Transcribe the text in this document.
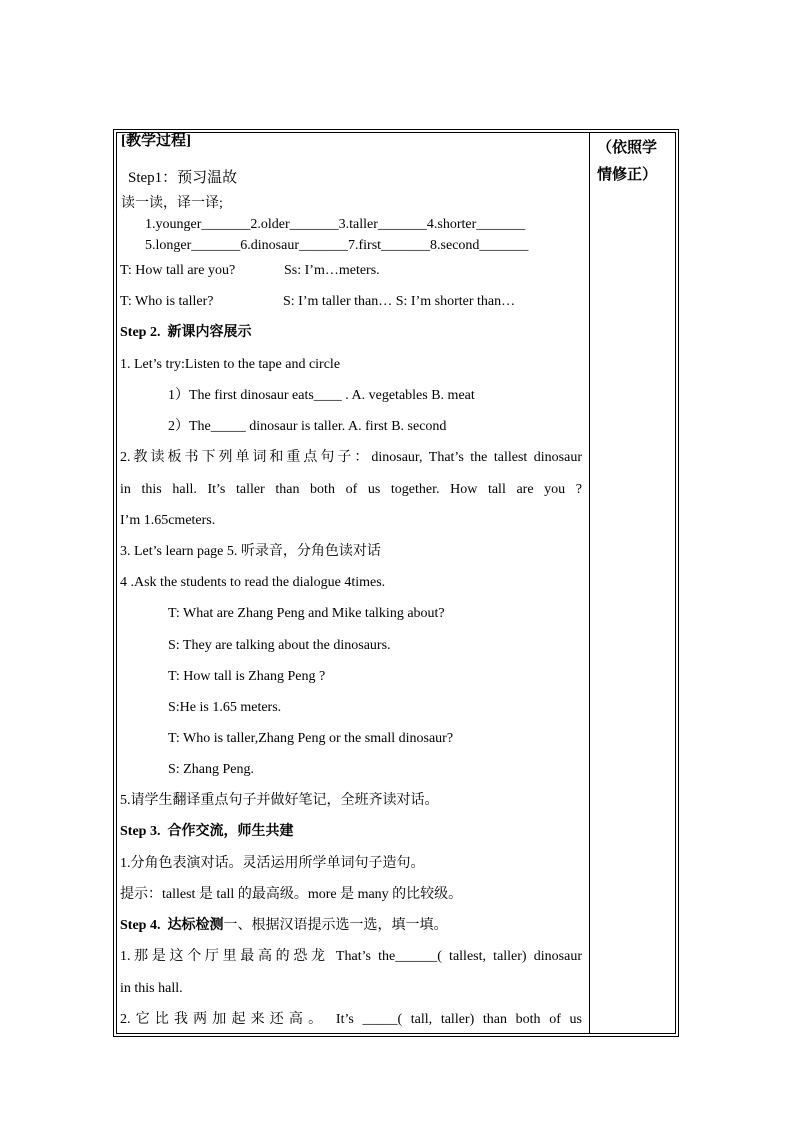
（依照学
情修正）
[教学过程]
Step1：预习温故
读一读，译一译;
1.younger_______2.older_______3.taller_______4.shorter_______
5.longer_______6.dinosaur_______7.first_______8.second_______
T: How tall are you?	Ss: I’m…meters.
T: Who is taller?	S: I’m taller than… S: I’m shorter than…
Step 2. 新课内容展示
1. Let’s try:Listen to the tape and circle
1）The first dinosaur eats____ . A. vegetables B. meat
2）The_____ dinosaur is taller. A. first B. second
2.教读板书下列单词和重点句子：dinosaur, That’s the tallest dinosaur
in this hall. It’s taller than both of us together. How tall are you ?
I’m 1.65cmeters.
3. Let’s learn page 5. 听录音，分角色读对话
4 .Ask the students to read the dialogue 4times.
T: What are Zhang Peng and Mike talking about?
S: They are talking about the dinosaurs.
T: How tall is Zhang Peng ?
S:He is 1.65 meters.
T: Who is taller,Zhang Peng or the small dinosaur?
S: Zhang Peng.
5.请学生翻译重点句子并做好笔记，全班齐读对话。
Step 3. 合作交流，师生共建
1.分角色表演对话。灵活运用所学单词句子造句。
提示：tallest 是 tall 的最高级。more 是 many 的比较级。
Step 4. 达标检测一、根据汉语提示选一选，填一填。
1.那是这个厅里最高的恐龙 That’s the______( tallest, taller) dinosaur
in this hall.
2.它比我两加起来还高。 It’s _____( tall, taller) than both of us
